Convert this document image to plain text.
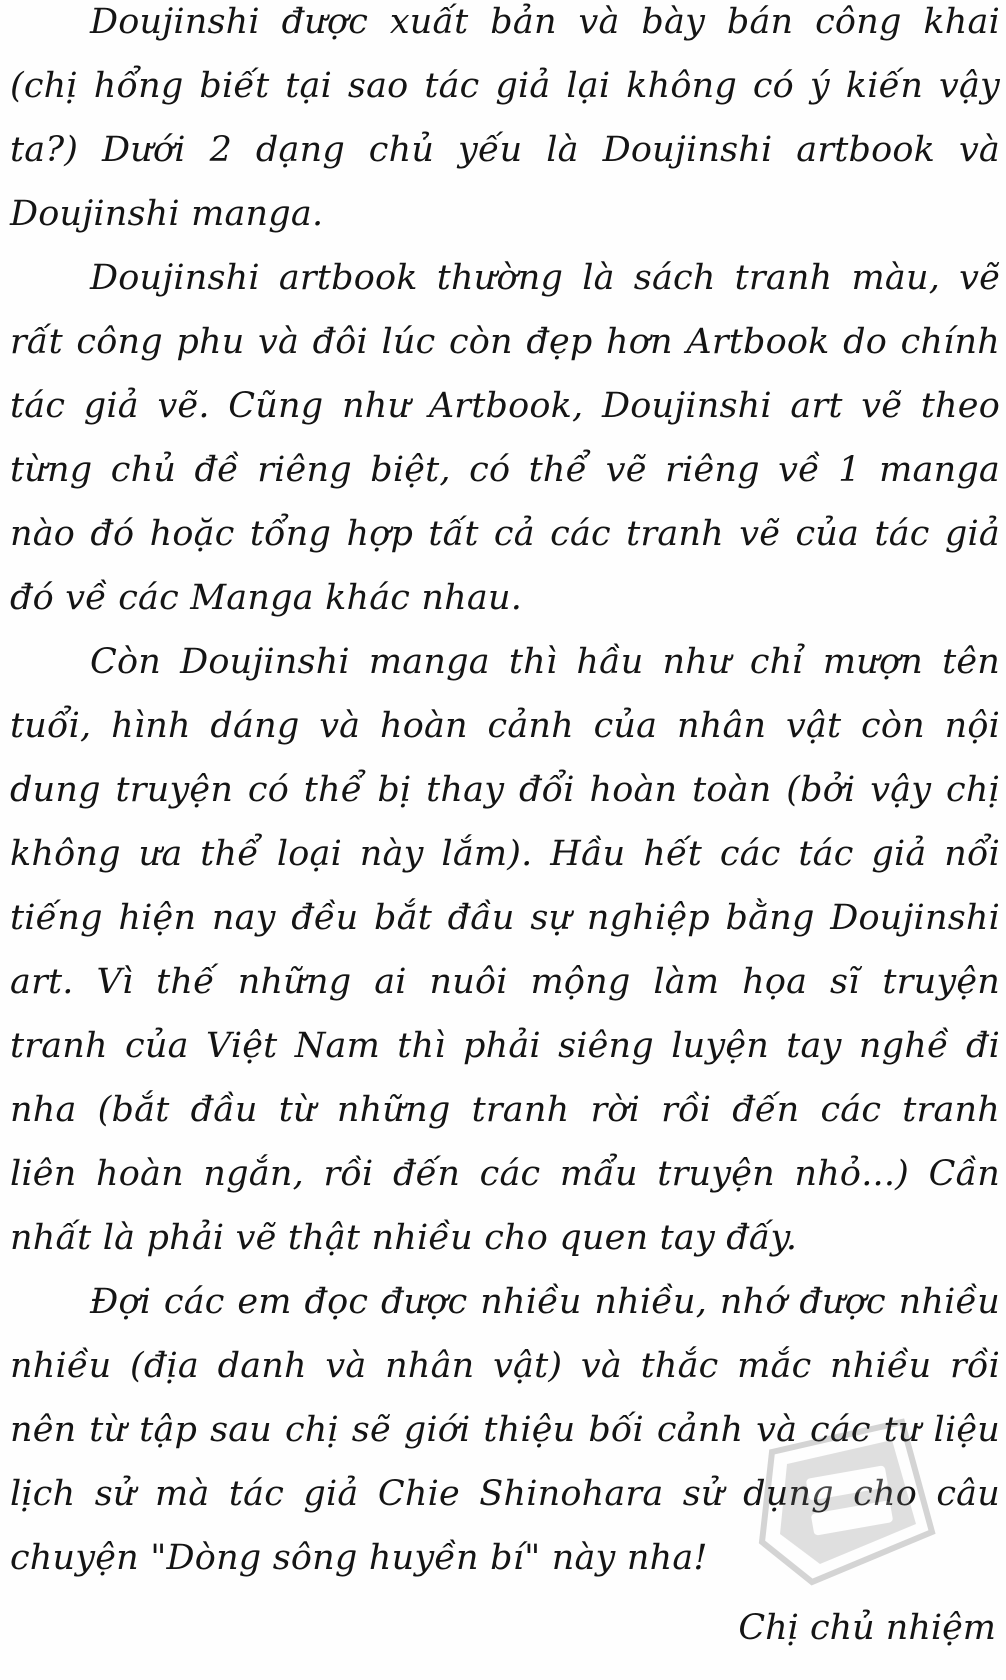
Doujinshi được xuất bản và bày bán công khai
(chị hổng biết tại sao tác giả lại không có ý kiến vậy
ta?) Dưới 2 dạng chủ yếu là Doujinshi artbook và
Doujinshi manga.
Doujinshi artbook thường là sách tranh màu, vẽ
rất công phu và đôi lúc còn đẹp hơn Artbook do chính
tác giả vẽ. Cũng như Artbook, Doujinshi art vẽ theo
từng chủ đề riêng biệt, có thể vẽ riêng về 1 manga
nào đó hoặc tổng hợp tất cả các tranh vẽ của tác giả
đó về các Manga khác nhau.
Còn Doujinshi manga thì hầu như chỉ mượn tên
tuổi, hình dáng và hoàn cảnh của nhân vật còn nội
dung truyện có thể bị thay đổi hoàn toàn (bởi vậy chị
không ưa thể loại này lắm). Hầu hết các tác giả nổi
tiếng hiện nay đều bắt đầu sự nghiệp bằng Doujinshi
art. Vì thế những ai nuôi mộng làm họa sĩ truyện
tranh của Việt Nam thì phải siêng luyện tay nghề đi
nha (bắt đầu từ những tranh rời rồi đến các tranh
liên hoàn ngắn, rồi đến các mẩu truyện nhỏ...) Cần
nhất là phải vẽ thật nhiều cho quen tay đấy.
Đợi các em đọc được nhiều nhiều, nhớ được nhiều
nhiều (địa danh và nhân vật) và thắc mắc nhiều rồi
nên từ tập sau chị sẽ giới thiệu bối cảnh và các tư liệu
lịch sử mà tác giả Chie Shinohara sử dụng cho câu
chuyện "Dòng sông huyền bí" này nha!
Chị chủ nhiệm
